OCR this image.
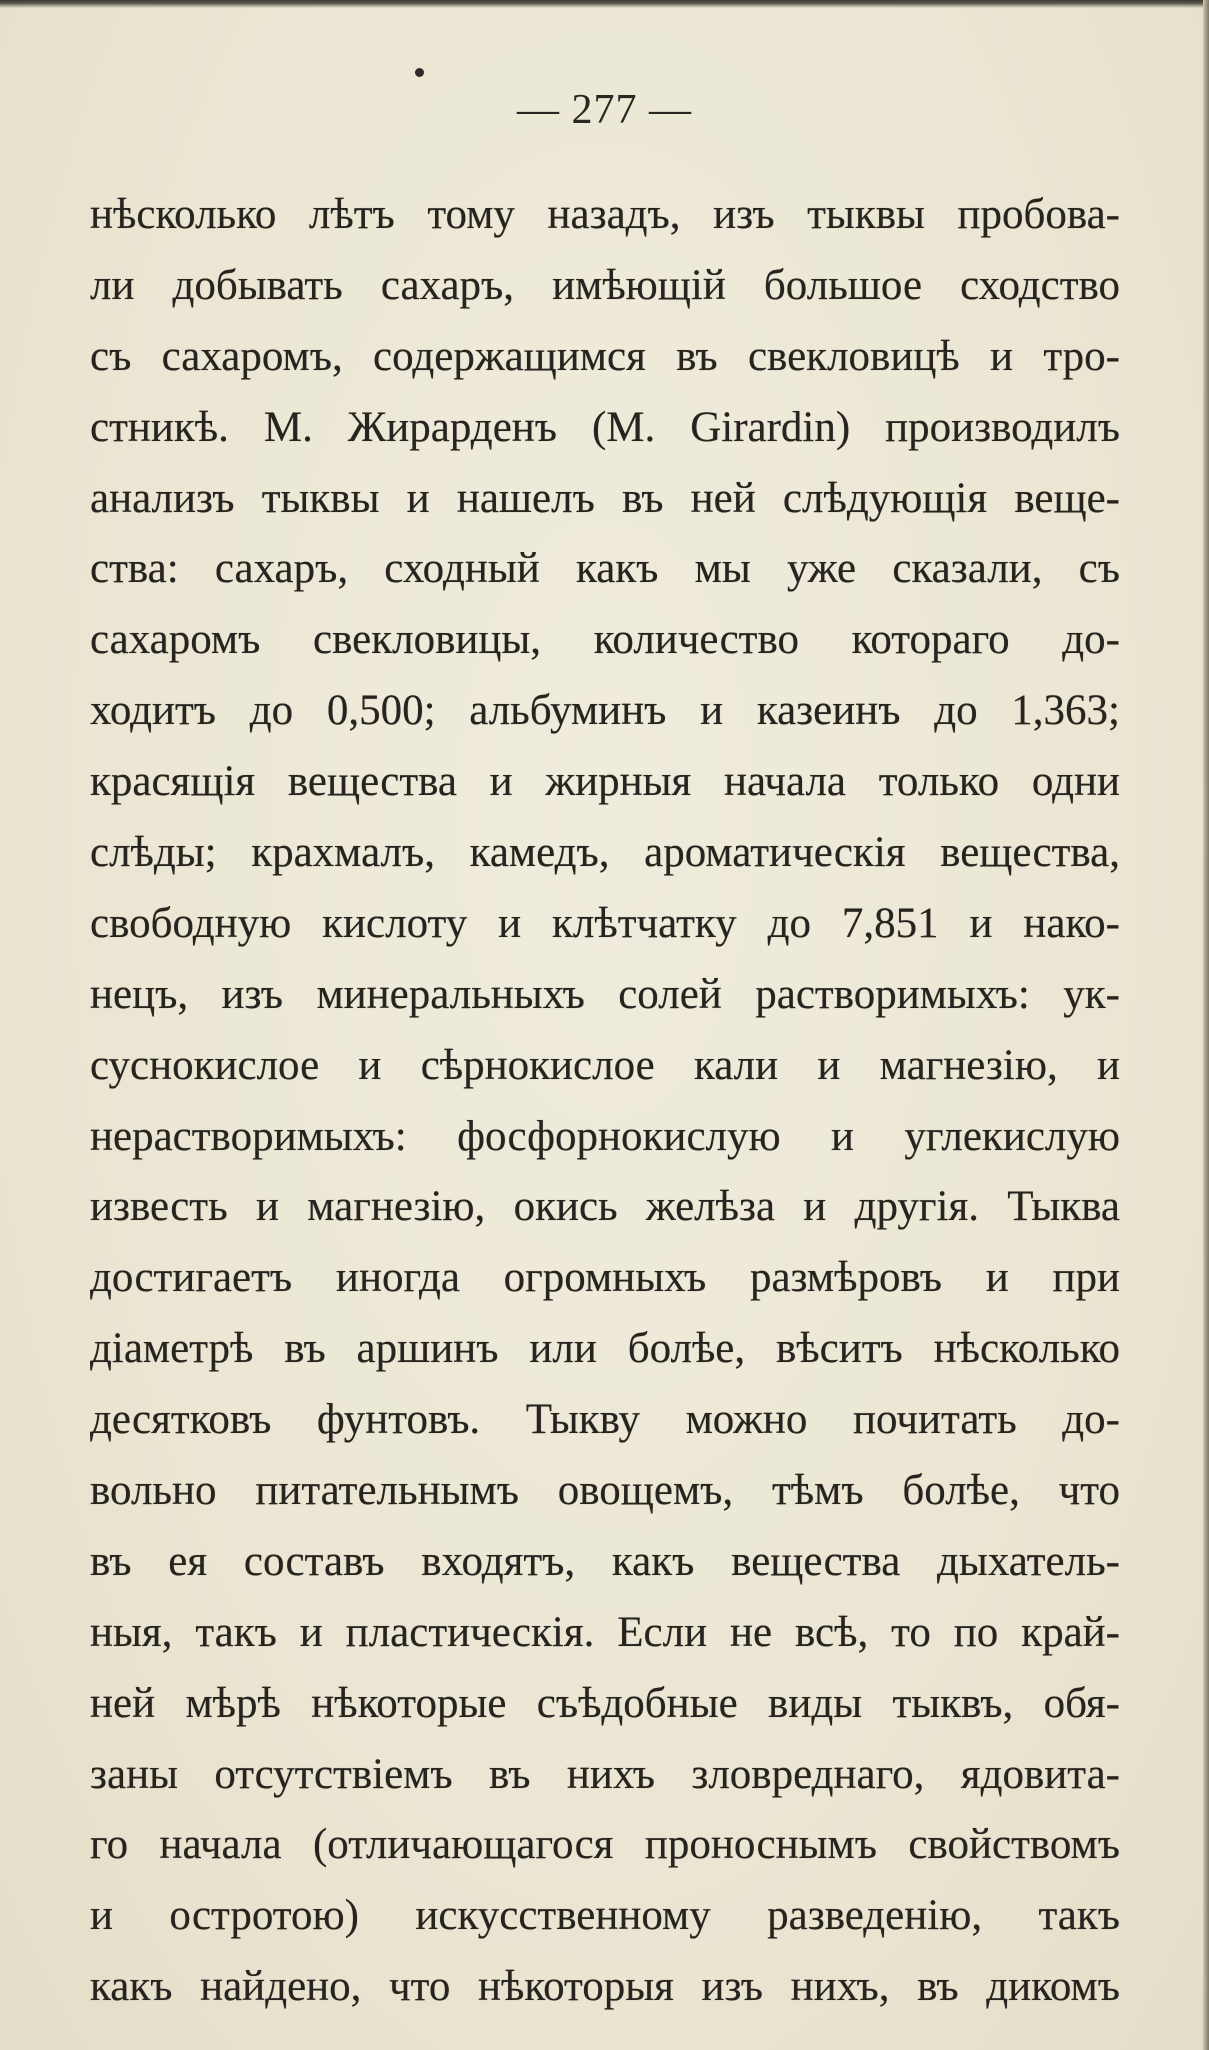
— 277 —
нѣсколько лѣтъ тому назадъ, изъ тыквы пробова-
ли добывать сахаръ, имѣющій большое сходство
съ сахаромъ, содержащимся въ свекловицѣ и тро-
стникѣ. М. Жирарденъ (M. Girardin) производилъ
анализъ тыквы и нашелъ въ ней слѣдующія веще-
ства: сахаръ, сходный какъ мы уже сказали, съ
сахаромъ свекловицы, количество котораго до-
ходитъ до 0,500; альбуминъ и казеинъ до 1,363;
красящія вещества и жирныя начала только одни
слѣды; крахмалъ, камедъ, ароматическія вещества,
свободную кислоту и клѣтчатку до 7,851 и нако-
нецъ, изъ минеральныхъ солей растворимыхъ: ук-
суснокислое и сѣрнокислое кали и магнезію, и
нерастворимыхъ: фосфорнокислую и углекислую
известь и магнезію, окись желѣза и другія. Тыква
достигаетъ иногда огромныхъ размѣровъ и при
діаметрѣ въ аршинъ или болѣе, вѣситъ нѣсколько
десятковъ фунтовъ. Тыкву можно почитать до-
вольно питательнымъ овощемъ, тѣмъ болѣе, что
въ ея составъ входятъ, какъ вещества дыхатель-
ныя, такъ и пластическія. Если не всѣ, то по край-
ней мѣрѣ нѣкоторые съѣдобные виды тыквъ, обя-
заны отсутствіемъ въ нихъ зловреднаго, ядовита-
го начала (отличающагося проноснымъ свойствомъ
и остротою) искусственному разведенію, такъ
какъ найдено, что нѣкоторыя изъ нихъ, въ дикомъ
